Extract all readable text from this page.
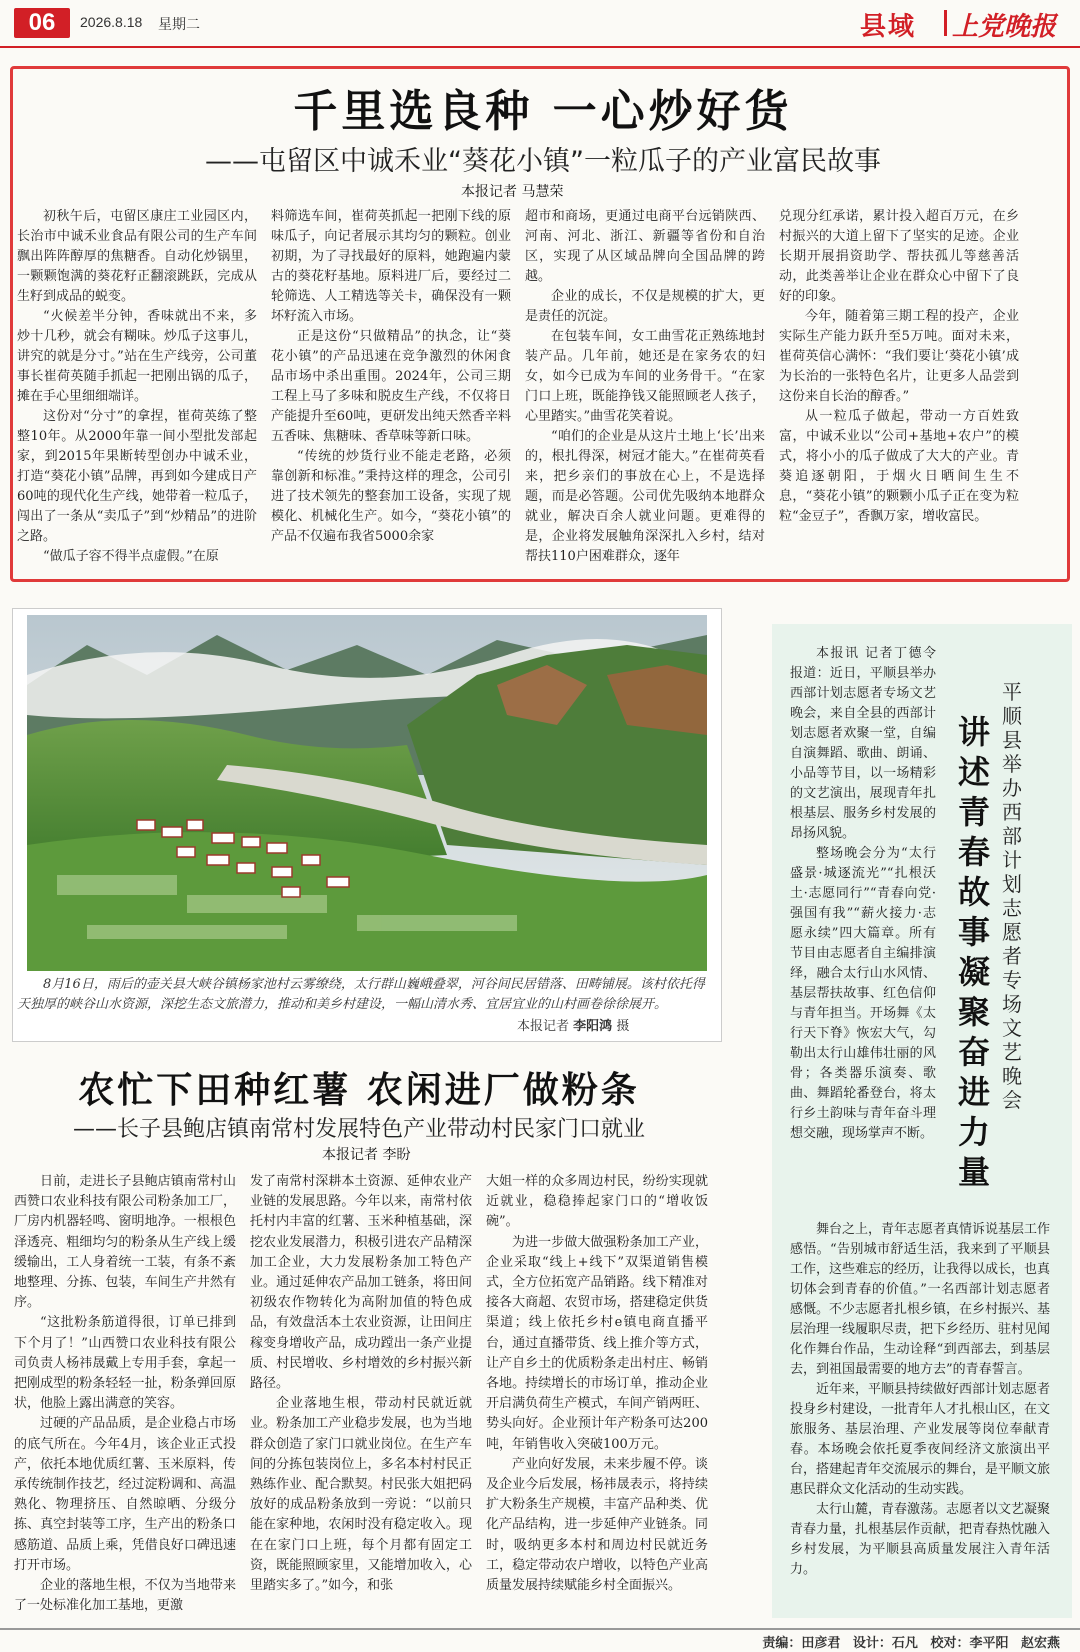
06	2026.8.18 星期二	县域 上党晚报
千里选良种 一心炒好货
——屯留区中诚禾业“葵花小镇”一粒瓜子的产业富民故事
本报记者 马慧荣

初秋午后，屯留区康庄工业园区内，长治市中诚禾业食品有限公司的生产车间飘出阵阵醇厚的焦糖香。自动化炒锅里，一颗颗饱满的葵花籽正翻滚跳跃，完成从生籽到成品的蜕变。

“火候差半分钟，香味就出不来，多炒十几秒，就会有糊味。炒瓜子这事儿，讲究的就是分寸。”站在生产线旁，公司董事长崔荷英随手抓起一把刚出锅的瓜子，摊在手心里细细端详。

这份对“分寸”的拿捏，崔荷英练了整整10年。从2000年靠一间小型批发部起家，到2015年果断转型创办中诚禾业，打造“葵花小镇”品牌，再到如今建成日产60吨的现代化生产线，她带着一粒瓜子，闯出了一条从“卖瓜子”到“炒精品”的进阶之路。

“做瓜子容不得半点虚假。”在原

料筛选车间，崔荷英抓起一把刚下线的原味瓜子，向记者展示其均匀的颗粒。创业初期，为了寻找最好的原料，她跑遍内蒙古的葵花籽基地。原料进厂后，要经过二轮筛选、人工精选等关卡，确保没有一颗坏籽流入市场。

正是这份“只做精品”的执念，让“葵花小镇”的产品迅速在竞争激烈的休闲食品市场中杀出重围。2024年，公司三期工程上马了多味和脱皮生产线，不仅将日产能提升至60吨，更研发出纯天然香辛料五香味、焦糖味、香草味等新口味。

“传统的炒货行业不能走老路，必须靠创新和标准。”秉持这样的理念，公司引进了技术领先的整套加工设备，实现了规模化、机械化生产。如今，“葵花小镇”的产品不仅遍布我省5000余家

超市和商场，更通过电商平台远销陕西、河南、河北、浙江、新疆等省份和自治区，实现了从区域品牌向全国品牌的跨越。

企业的成长，不仅是规模的扩大，更是责任的沉淀。

在包装车间，女工曲雪花正熟练地封装产品。几年前，她还是在家务农的妇女，如今已成为车间的业务骨干。“在家门口上班，既能挣钱又能照顾老人孩子，心里踏实。”曲雪花笑着说。

“咱们的企业是从这片土地上‘长’出来的，根扎得深，树冠才能大。”在崔荷英看来，把乡亲们的事放在心上，不是选择题，而是必答题。公司优先吸纳本地群众就业，解决百余人就业问题。更难得的是，企业将发展触角深深扎入乡村，结对帮扶110户困难群众，逐年

兑现分红承诺，累计投入超百万元，在乡村振兴的大道上留下了坚实的足迹。企业长期开展捐资助学、帮扶孤儿等慈善活动，此类善举让企业在群众心中留下了良好的印象。

今年，随着第三期工程的投产，企业实际生产能力跃升至5万吨。面对未来，崔荷英信心满怀：“我们要让‘葵花小镇’成为长治的一张特色名片，让更多人品尝到这份来自长治的醇香。”

从一粒瓜子做起，带动一方百姓致富，中诚禾业以“公司+基地+农户”的模式，将小小的瓜子做成了大大的产业。青葵追逐朝阳，于烟火日晒间生生不息，“葵花小镇”的颗颗小瓜子正在变为粒粒“金豆子”，香飘万家，增收富民。

8月16日，雨后的壶关县大峡谷镇杨家池村云雾缭绕，太行群山巍峨叠翠，河谷间民居错落、田畴铺展。该村依托得天独厚的峡谷山水资源，深挖生态文旅潜力，推动和美乡村建设，一幅山清水秀、宜居宜业的山村画卷徐徐展开。
本报记者 李阳鸿 摄
农忙下田种红薯 农闲进厂做粉条
——长子县鲍店镇南常村发展特色产业带动村民家门口就业
本报记者 李盼

日前，走进长子县鲍店镇南常村山西赞口农业科技有限公司粉条加工厂，厂房内机器轻鸣、窗明地净。一根根色泽透亮、粗细均匀的粉条从生产线上缓缓输出，工人身着统一工装，有条不紊地整理、分拣、包装，车间生产井然有序。

“这批粉条筋道得很，订单已排到下个月了！”山西赞口农业科技有限公司负责人杨祎晟戴上专用手套，拿起一把刚成型的粉条轻轻一扯，粉条弹回原状，他脸上露出满意的笑容。

过硬的产品品质，是企业稳占市场的底气所在。今年4月，该企业正式投产，依托本地优质红薯、玉米原料，传承传统制作技艺，经过淀粉调和、高温熟化、物理挤压、自然晾晒、分级分拣、真空封装等工序，生产出的粉条口感筋道、品质上乘，凭借良好口碑迅速打开市场。

企业的落地生根，不仅为当地带来了一处标准化加工基地，更激

发了南常村深耕本土资源、延伸农业产业链的发展思路。今年以来，南常村依托村内丰富的红薯、玉米种植基础，深挖农业发展潜力，积极引进农产品精深加工企业，大力发展粉条加工特色产业。通过延伸农产品加工链条，将田间初级农作物转化为高附加值的特色成品，有效盘活本土农业资源，让田间庄稼变身增收产品，成功蹚出一条产业提质、村民增收、乡村增效的乡村振兴新路径。

企业落地生根，带动村民就近就业。粉条加工产业稳步发展，也为当地群众创造了家门口就业岗位。在生产车间的分拣包装岗位上，多名本村村民正熟练作业、配合默契。村民张大姐把码放好的成品粉条放到一旁说：“以前只能在家种地，农闲时没有稳定收入。现在在家门口上班，每个月都有固定工资，既能照顾家里，又能增加收入，心里踏实多了。”如今，和张

大姐一样的众多周边村民，纷纷实现就近就业，稳稳捧起家门口的“增收饭碗”。

为进一步做大做强粉条加工产业，企业采取“线上+线下”双渠道销售模式，全方位拓宽产品销路。线下精准对接各大商超、农贸市场，搭建稳定供货渠道；线上依托乡村e镇电商直播平台，通过直播带货、线上推介等方式，让产自乡土的优质粉条走出村庄、畅销各地。持续增长的市场订单，推动企业开启满负荷生产模式，车间产销两旺、势头向好。企业预计年产粉条可达200吨，年销售收入突破100万元。

产业向好发展，未来步履不停。谈及企业今后发展，杨祎晟表示，将持续扩大粉条生产规模，丰富产品种类、优化产品结构，进一步延伸产业链条。同时，吸纳更多本村和周边村民就近务工，稳定带动农户增收，以特色产业高质量发展持续赋能乡村全面振兴。

平顺县举办西部计划志愿者专场文艺晚会
讲述青春故事 凝聚奋进力量

本报讯 记者丁德令报道：近日，平顺县举办西部计划志愿者专场文艺晚会，来自全县的西部计划志愿者欢聚一堂，自编自演舞蹈、歌曲、朗诵、小品等节目，以一场精彩的文艺演出，展现青年扎根基层、服务乡村发展的昂扬风貌。

整场晚会分为“太行盛景·城逐流光”“扎根沃土·志愿同行”“青春向党·强国有我”“薪火接力·志愿永续”四大篇章。所有节目由志愿者自主编排演绎，融合太行山水风情、基层帮扶故事、红色信仰与青年担当。开场舞《太行天下脊》恢宏大气，勾勒出太行山雄伟壮丽的风骨；各类器乐演奏、歌曲、舞蹈轮番登台，将太行乡土韵味与青年奋斗理想交融，现场掌声不断。

舞台之上，青年志愿者真情诉说基层工作感悟。“告别城市舒适生活，我来到了平顺县工作，这些难忘的经历，让我得以成长，也真切体会到青春的价值。”一名西部计划志愿者感慨。不少志愿者扎根乡镇，在乡村振兴、基层治理一线履职尽责，把下乡经历、驻村见闻化作舞台作品，生动诠释“到西部去，到基层去，到祖国最需要的地方去”的青春誓言。

近年来，平顺县持续做好西部计划志愿者投身乡村建设，一批青年人才扎根山区，在文旅服务、基层治理、产业发展等岗位奉献青春。本场晚会依托夏季夜间经济文旅演出平台，搭建起青年交流展示的舞台，是平顺文旅惠民群众文化活动的生动实践。

太行山麓，青春激荡。志愿者以文艺凝聚青春力量，扎根基层作贡献，把青春热忱融入乡村发展，为平顺县高质量发展注入青年活力。

责编：田彦君 设计：石凡 校对：李平阳 赵宏燕
